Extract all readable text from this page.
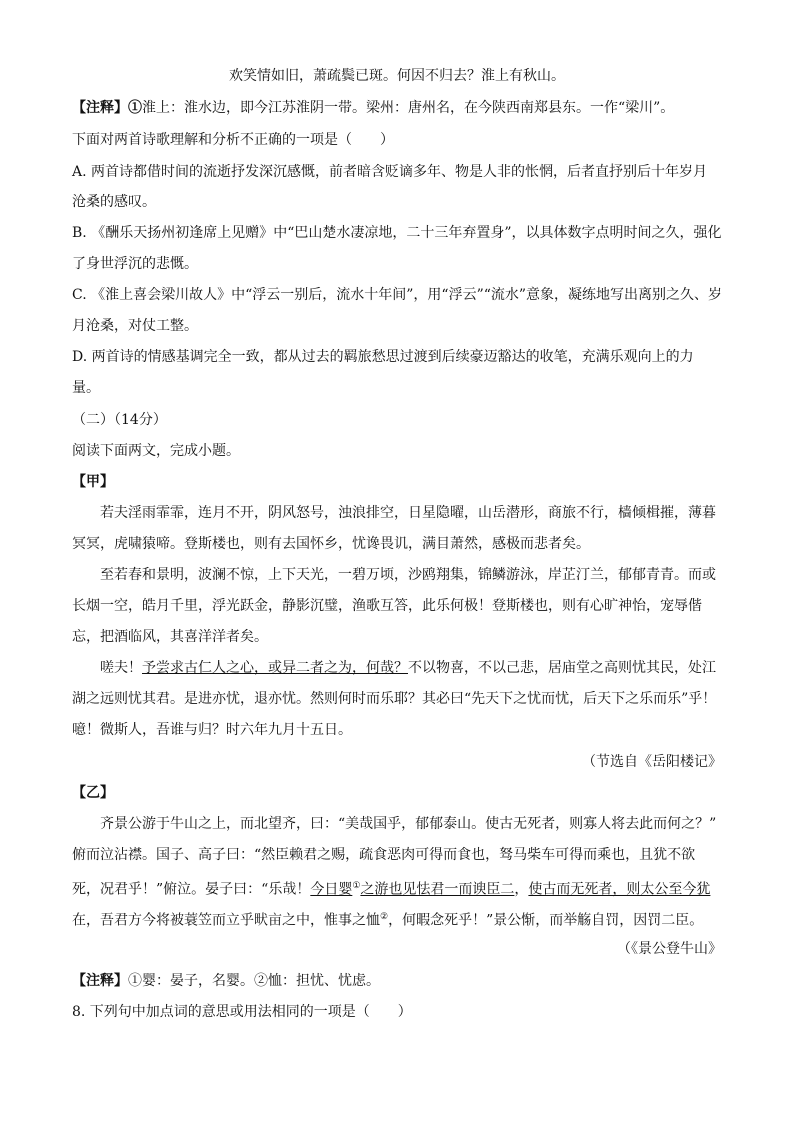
欢笑情如旧，萧疏鬓已斑。何因不归去？淮上有秋山。
【注释】①淮上：淮水边，即今江苏淮阴一带。梁州：唐州名，在今陕西南郑县东。一作“梁川”。
下面对两首诗歌理解和分析不正确的一项是（　　）
A. 两首诗都借时间的流逝抒发深沉感慨，前者暗含贬谪多年、物是人非的怅惘，后者直抒别后十年岁月
沧桑的感叹。
B. 《酬乐天扬州初逢席上见赠》中“巴山楚水凄凉地，二十三年弃置身”，以具体数字点明时间之久，强化
了身世浮沉的悲慨。
C. 《淮上喜会梁川故人》中“浮云一别后，流水十年间”，用“浮云”“流水”意象，凝练地写出离别之久、岁
月沧桑，对仗工整。
D. 两首诗的情感基调完全一致，都从过去的羁旅愁思过渡到后续豪迈豁达的收笔，充满乐观向上的力
量。
（二）（14分）
阅读下面两文，完成小题。
【甲】
若夫淫雨霏霏，连月不开，阴风怒号，浊浪排空，日星隐曜，山岳潜形，商旅不行，樯倾楫摧，薄暮
冥冥，虎啸猿啼。登斯楼也，则有去国怀乡，忧谗畏讥，满目萧然，感极而悲者矣。
至若春和景明，波澜不惊，上下天光，一碧万顷，沙鸥翔集，锦鳞游泳，岸芷汀兰，郁郁青青。而或
长烟一空，皓月千里，浮光跃金，静影沉璧，渔歌互答，此乐何极！登斯楼也，则有心旷神怡，宠辱偕
忘，把酒临风，其喜洋洋者矣。
嗟夫！予尝求古仁人之心，或异二者之为，何哉？不以物喜，不以己悲，居庙堂之高则忧其民，处江
湖之远则忧其君。是进亦忧，退亦忧。然则何时而乐耶？其必曰“先天下之忧而忧，后天下之乐而乐”乎！
噫！微斯人，吾谁与归？时六年九月十五日。
（节选自《岳阳楼记》
【乙】
齐景公游于牛山之上，而北望齐，曰：“美哉国乎，郁郁泰山。使古无死者，则寡人将去此而何之？”
俯而泣沾襟。国子、高子曰：“然臣赖君之赐，疏食恶肉可得而食也，驽马柴车可得而乘也，且犹不欲
死，况君乎！”俯泣。晏子曰：“乐哉！今日婴①之游也见怯君一而谀臣二，使古而无死者，则太公至今犹
在，吾君方今将被蓑笠而立乎畎亩之中，惟事之恤②，何暇念死乎！”景公惭，而举觞自罚，因罚二臣。
（《景公登牛山》
【注释】①婴：晏子，名婴。②恤：担忧、忧虑。
8. 下列句中加点词的意思或用法相同的一项是（　　）
